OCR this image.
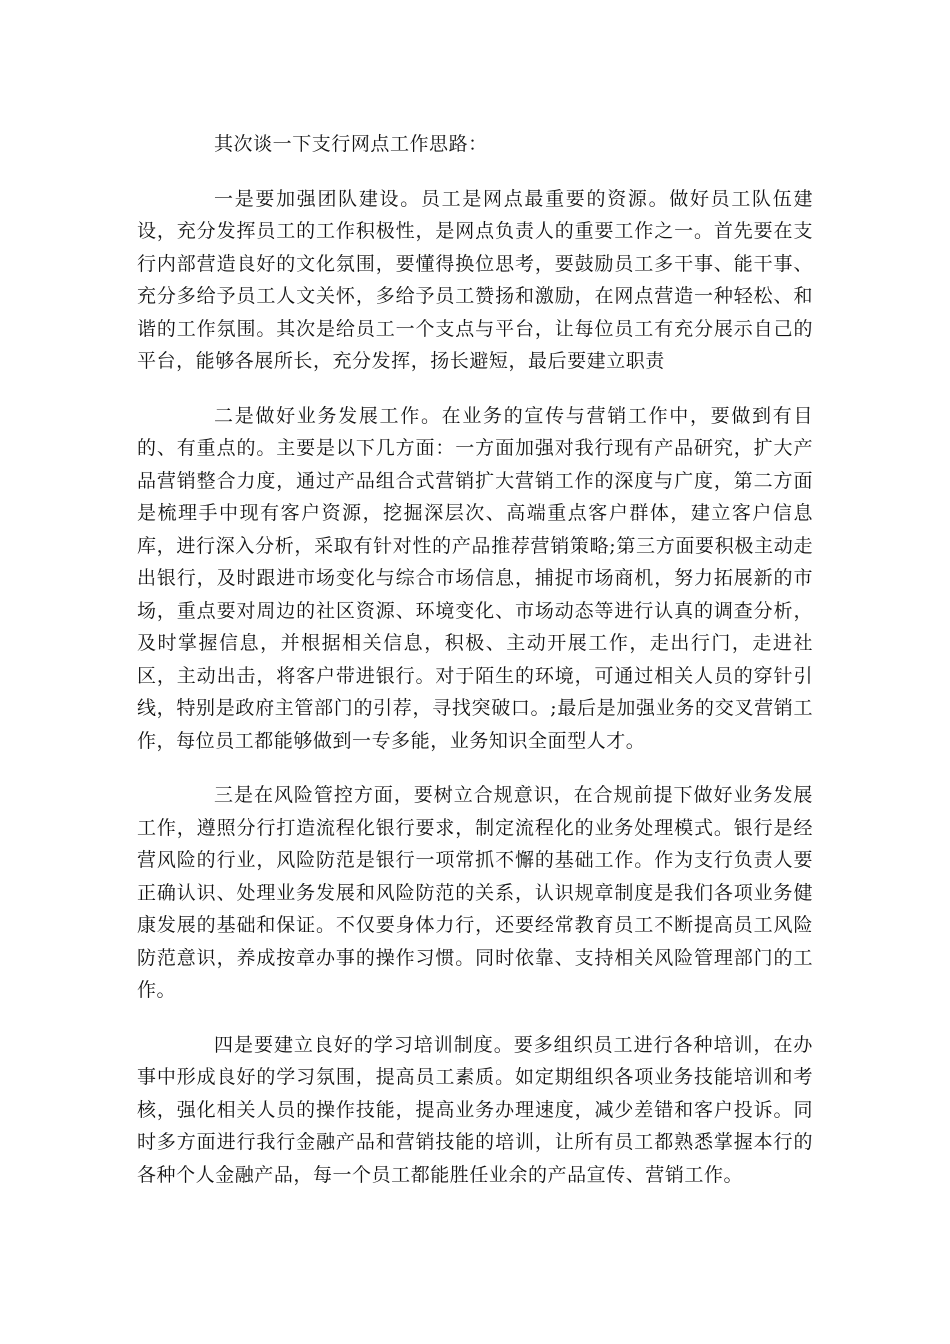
其次谈一下支行网点工作思路：

一是要加强团队建设。员工是网点最重要的资源。做好员工队伍建设，充分发挥员工的工作积极性，是网点负责人的重要工作之一。首先要在支行内部营造良好的文化氛围，要懂得换位思考，要鼓励员工多干事、能干事、充分多给予员工人文关怀，多给予员工赞扬和激励，在网点营造一种轻松、和谐的工作氛围。其次是给员工一个支点与平台，让每位员工有充分展示自己的平台，能够各展所长，充分发挥，扬长避短，最后要建立职责

二是做好业务发展工作。在业务的宣传与营销工作中，要做到有目的、有重点的。主要是以下几方面：一方面加强对我行现有产品研究，扩大产品营销整合力度，通过产品组合式营销扩大营销工作的深度与广度，第二方面是梳理手中现有客户资源，挖掘深层次、高端重点客户群体，建立客户信息库，进行深入分析，采取有针对性的产品推荐营销策略;第三方面要积极主动走出银行，及时跟进市场变化与综合市场信息，捕捉市场商机，努力拓展新的市场，重点要对周边的社区资源、环境变化、市场动态等进行认真的调查分析，及时掌握信息，并根据相关信息，积极、主动开展工作，走出行门，走进社区，主动出击，将客户带进银行。对于陌生的环境，可通过相关人员的穿针引线，特别是政府主管部门的引荐，寻找突破口。;最后是加强业务的交叉营销工作，每位员工都能够做到一专多能，业务知识全面型人才。

三是在风险管控方面，要树立合规意识，在合规前提下做好业务发展工作，遵照分行打造流程化银行要求，制定流程化的业务处理模式。银行是经营风险的行业，风险防范是银行一项常抓不懈的基础工作。作为支行负责人要正确认识、处理业务发展和风险防范的关系，认识规章制度是我们各项业务健康发展的基础和保证。不仅要身体力行，还要经常教育员工不断提高员工风险防范意识，养成按章办事的操作习惯。同时依靠、支持相关风险管理部门的工作。

四是要建立良好的学习培训制度。要多组织员工进行各种培训，在办事中形成良好的学习氛围，提高员工素质。如定期组织各项业务技能培训和考核，强化相关人员的操作技能，提高业务办理速度，减少差错和客户投诉。同时多方面进行我行金融产品和营销技能的培训，让所有员工都熟悉掌握本行的各种个人金融产品，每一个员工都能胜任业余的产品宣传、营销工作。
